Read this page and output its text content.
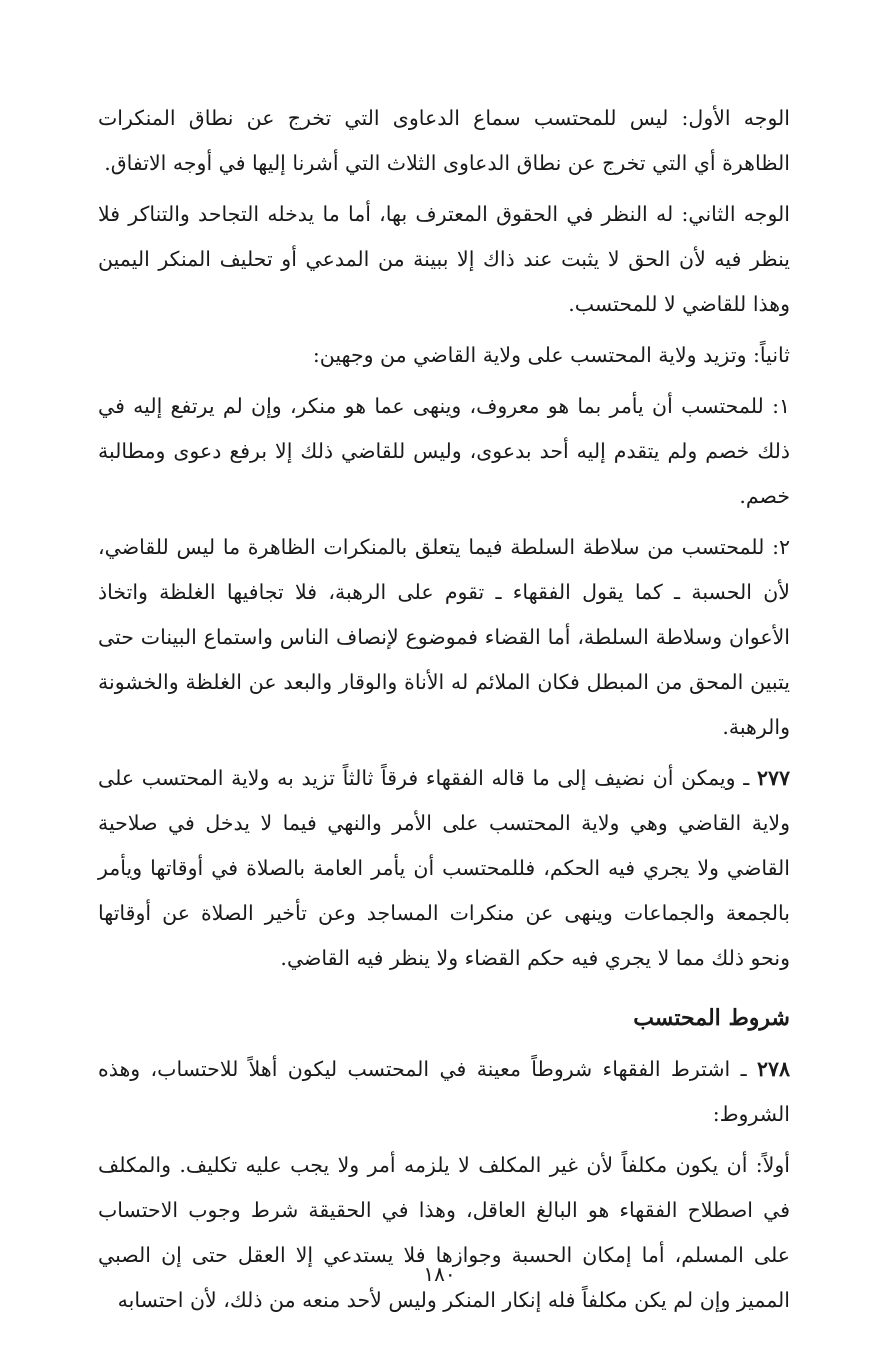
الوجه الأول: ليس للمحتسب سماع الدعاوى التي تخرج عن نطاق المنكرات الظاهرة أي التي تخرج عن نطاق الدعاوى الثلاث التي أشرنا إليها في أوجه الاتفاق.

الوجه الثاني: له النظر في الحقوق المعترف بها، أما ما يدخله التجاحد والتناكر فلا ينظر فيه لأن الحق لا يثبت عند ذاك إلا ببينة من المدعي أو تحليف المنكر اليمين وهذا للقاضي لا للمحتسب.

ثانياً: وتزيد ولاية المحتسب على ولاية القاضي من وجهين:

١: للمحتسب أن يأمر بما هو معروف، وينهى عما هو منكر، وإن لم يرتفع إليه في ذلك خصم ولم يتقدم إليه أحد بدعوى، وليس للقاضي ذلك إلا برفع دعوى ومطالبة خصم.

٢: للمحتسب من سلاطة السلطة فيما يتعلق بالمنكرات الظاهرة ما ليس للقاضي، لأن الحسبة ـ كما يقول الفقهاء ـ تقوم على الرهبة، فلا تجافيها الغلظة واتخاذ الأعوان وسلاطة السلطة، أما القضاء فموضوع لإنصاف الناس واستماع البينات حتى يتبين المحق من المبطل فكان الملائم له الأناة والوقار والبعد عن الغلظة والخشونة والرهبة.

٢٧٧ ـ ويمكن أن نضيف إلى ما قاله الفقهاء فرقاً ثالثاً تزيد به ولاية المحتسب على ولاية القاضي وهي ولاية المحتسب على الأمر والنهي فيما لا يدخل في صلاحية القاضي ولا يجري فيه الحكم، فللمحتسب أن يأمر العامة بالصلاة في أوقاتها ويأمر بالجمعة والجماعات وينهى عن منكرات المساجد وعن تأخير الصلاة عن أوقاتها ونحو ذلك مما لا يجري فيه حكم القضاء ولا ينظر فيه القاضي.

شروط المحتسب

٢٧٨ ـ اشترط الفقهاء شروطاً معينة في المحتسب ليكون أهلاً للاحتساب، وهذه الشروط:

أولاً: أن يكون مكلفاً لأن غير المكلف لا يلزمه أمر ولا يجب عليه تكليف. والمكلف في اصطلاح الفقهاء هو البالغ العاقل، وهذا في الحقيقة شرط وجوب الاحتساب على المسلم، أما إمكان الحسبة وجوازها فلا يستدعي إلا العقل حتى إن الصبي المميز وإن لم يكن مكلفاً فله إنكار المنكر وليس لأحد منعه من ذلك، لأن احتسابه

١٨٠
